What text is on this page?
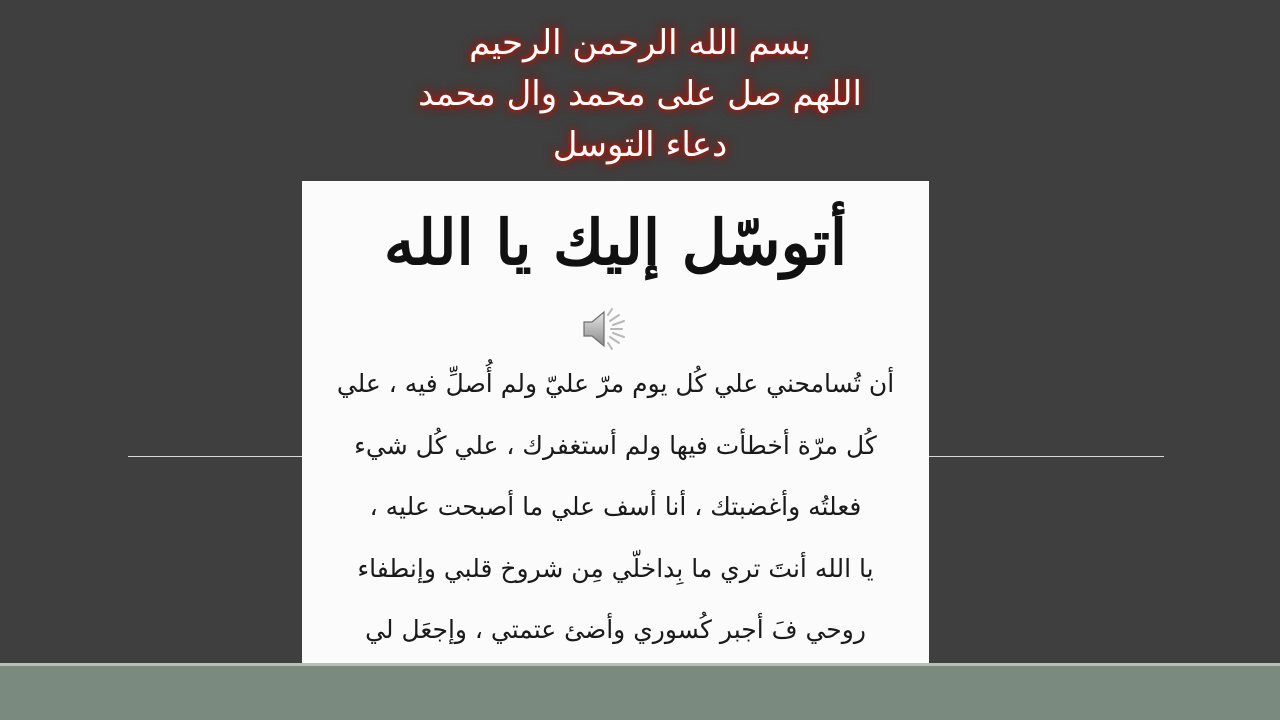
بسم الله الرحمن الرحيم
اللهم صل على محمد وال محمد
دعاء التوسل
أتوسّل إليك يا الله
أن تُسامحني علي كُل يوم مرّ عليّ ولم أُصلِّ فيه ، علي
كُل مرّة أخطأت فيها ولم أستغفرك ، علي كُل شيء
فعلتُه وأغضبتك ، أنا أسف علي ما أصبحت عليه ،
يا الله أنتَ تري ما بِداخلّي مِن شروخ قلبي وإنطفاء
روحي فَ أجبر كُسوري وأضئ عتمتي ، وإجعَل لي
